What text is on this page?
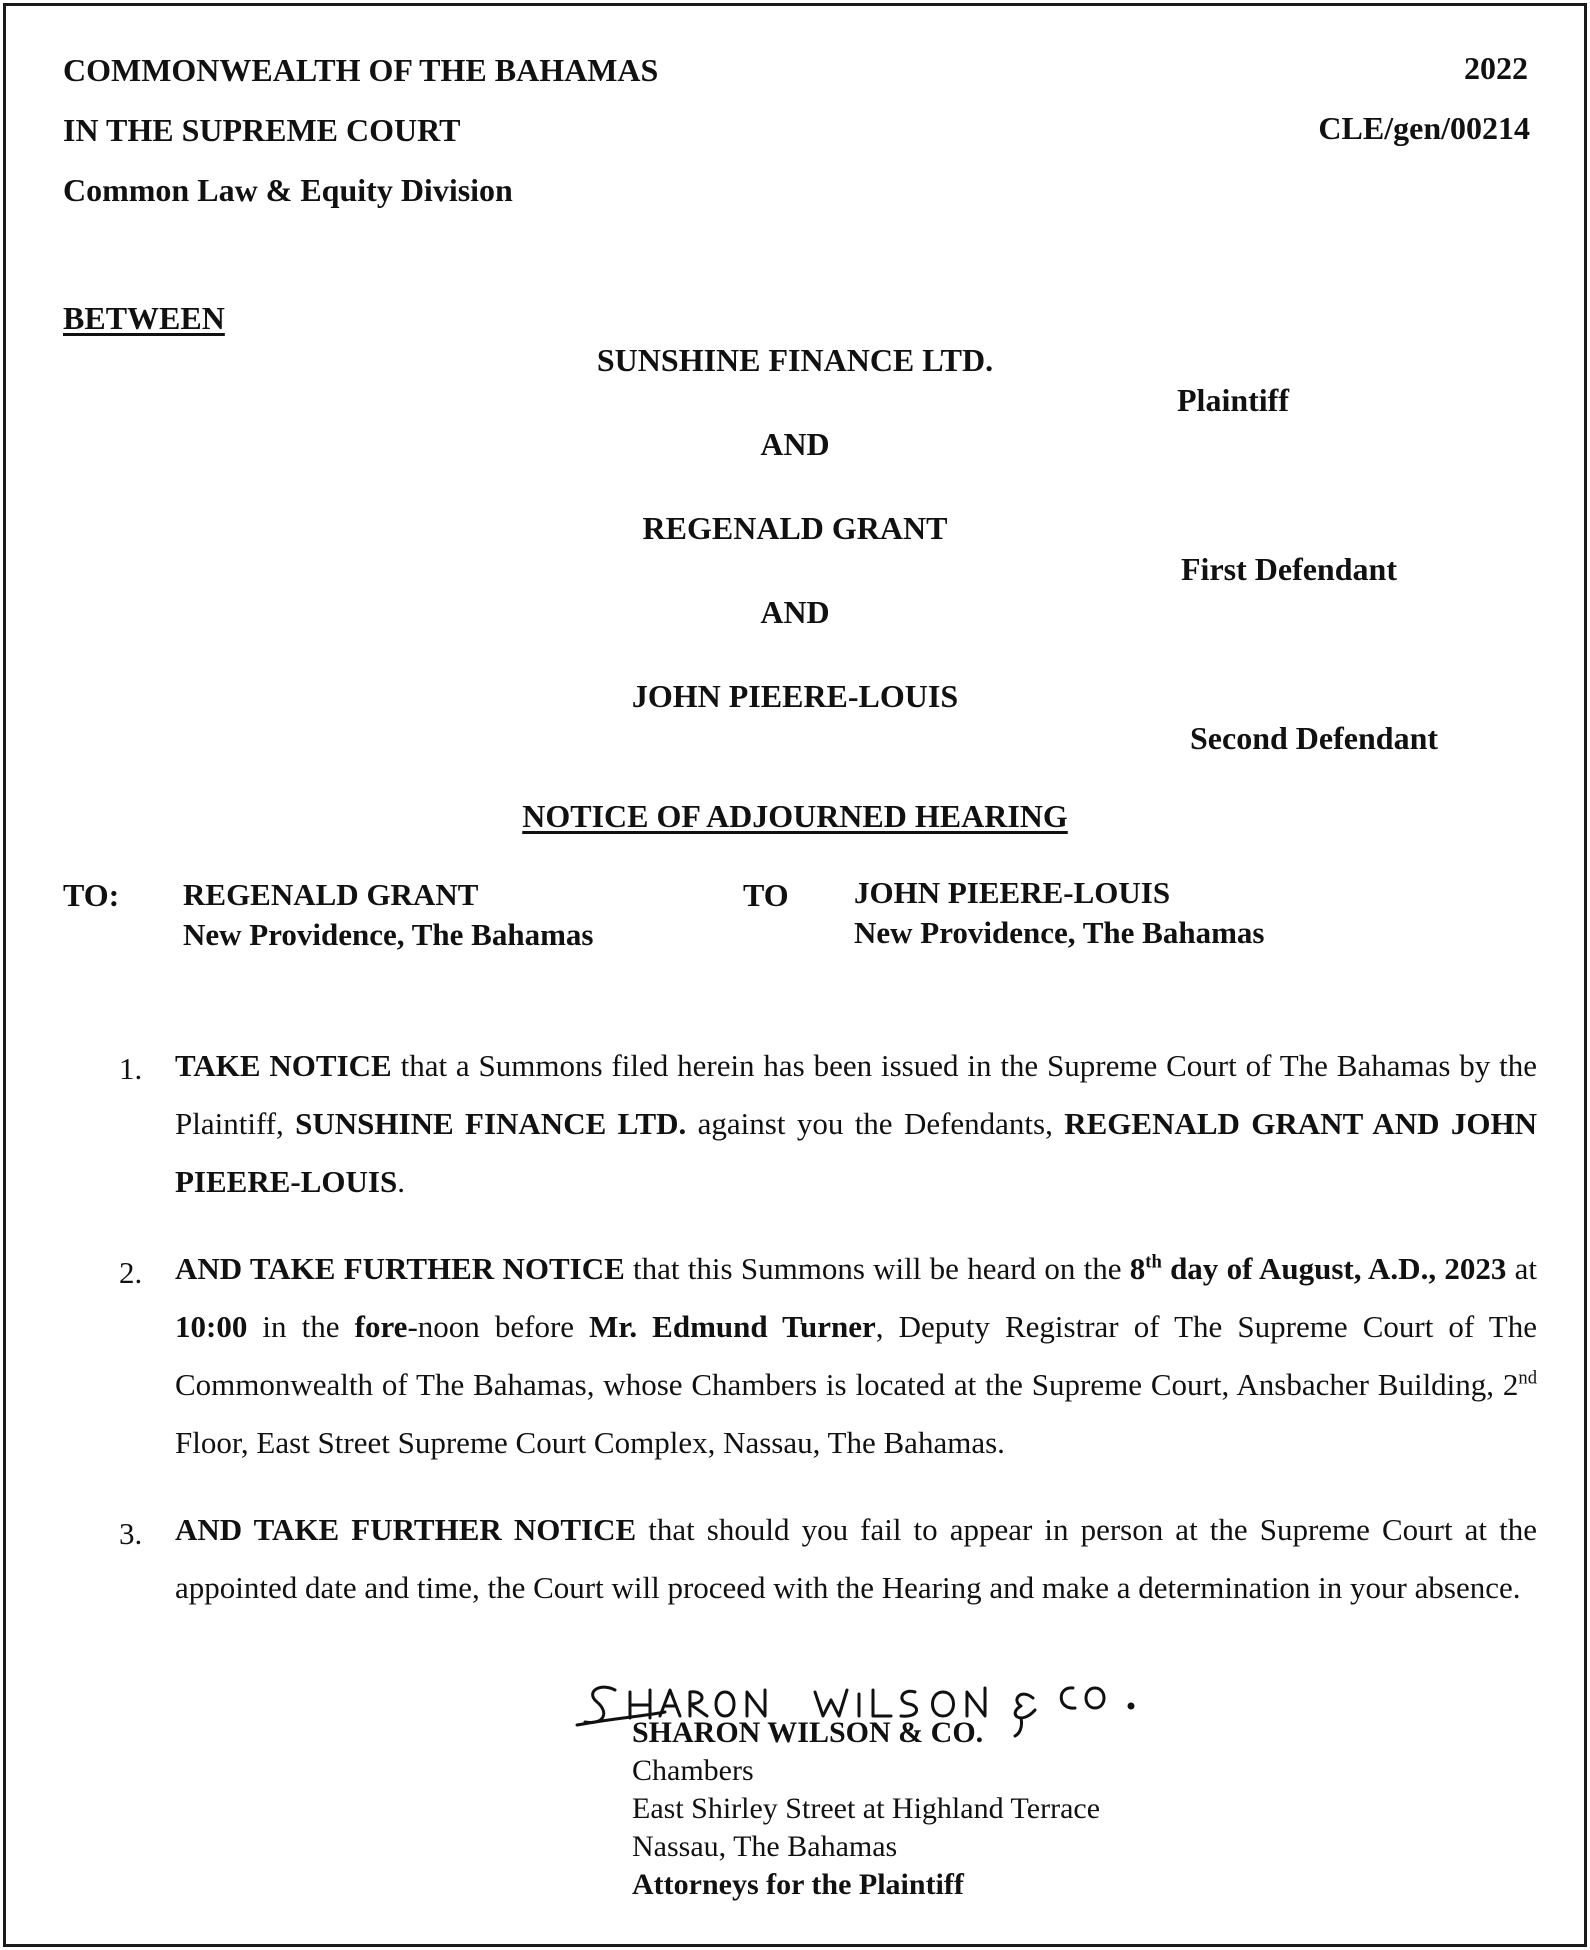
COMMONWEALTH OF THE BAHAMAS
IN THE SUPREME COURT
Common Law & Equity Division
2022
CLE/gen/00214
BETWEEN
SUNSHINE FINANCE LTD.
Plaintiff
AND
REGENALD GRANT
First Defendant
AND
JOHN PIEERE-LOUIS
Second Defendant
NOTICE OF ADJOURNED HEARING
TO: REGENALD GRANT
New Providence, The Bahamas
TO JOHN PIEERE-LOUIS
New Providence, The Bahamas
1. TAKE NOTICE that a Summons filed herein has been issued in the Supreme Court of The Bahamas by the Plaintiff, SUNSHINE FINANCE LTD. against you the Defendants, REGENALD GRANT AND JOHN PIEERE-LOUIS.
2. AND TAKE FURTHER NOTICE that this Summons will be heard on the 8th day of August, A.D., 2023 at 10:00 in the fore-noon before Mr. Edmund Turner, Deputy Registrar of The Supreme Court of The Commonwealth of The Bahamas, whose Chambers is located at the Supreme Court, Ansbacher Building, 2nd Floor, East Street Supreme Court Complex, Nassau, The Bahamas.
3. AND TAKE FURTHER NOTICE that should you fail to appear in person at the Supreme Court at the appointed date and time, the Court will proceed with the Hearing and make a determination in your absence.
SHARON WILSON & CO.
Chambers
East Shirley Street at Highland Terrace
Nassau, The Bahamas
Attorneys for the Plaintiff
